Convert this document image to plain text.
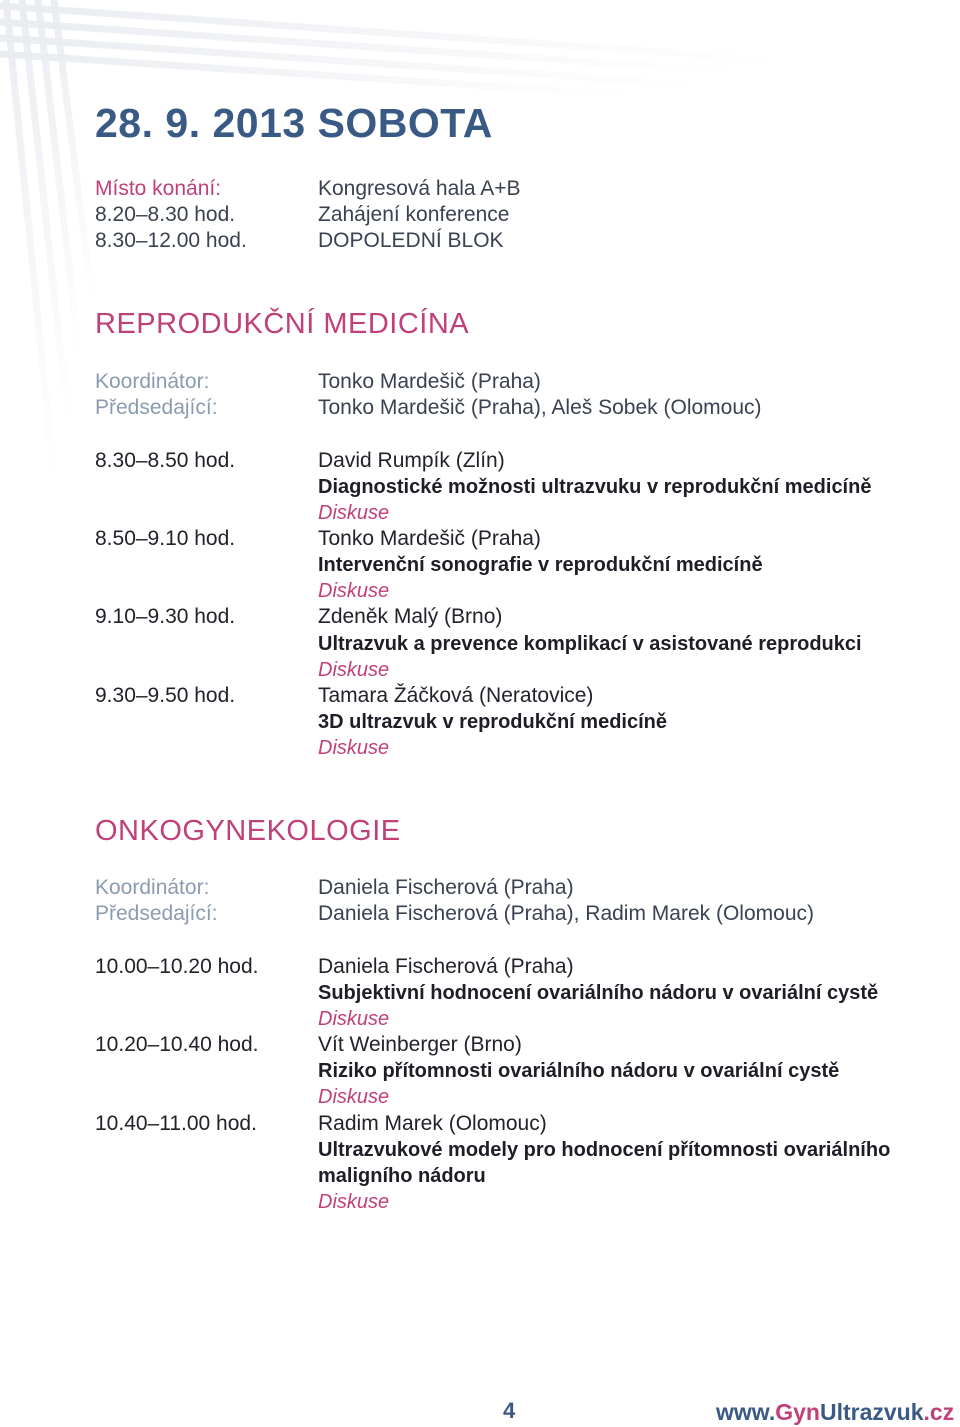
28. 9. 2013 SOBOTA
Místo konání:	Kongresová hala A+B
8.20–8.30 hod.	Zahájení konference
8.30–12.00 hod.	DOPOLEDNÍ BLOK
REPRODUKČNÍ MEDICÍNA
Koordinátor:	Tonko Mardešič (Praha)
Předsedající:	Tonko Mardešič (Praha), Aleš Sobek (Olomouc)
8.30–8.50 hod.	David Rumpík (Zlín)
Diagnostické možnosti ultrazvuku v reprodukční medicíně
Diskuse
8.50–9.10 hod.	Tonko Mardešič (Praha)
Intervenční sonografie v reprodukční medicíně
Diskuse
9.10–9.30 hod.	Zdeněk Malý (Brno)
Ultrazvuk a prevence komplikací v asistované reprodukci
Diskuse
9.30–9.50 hod.	Tamara Žáčková (Neratovice)
3D ultrazvuk v reprodukční medicíně
Diskuse
ONKOGYNEKOLOGIE
Koordinátor:	Daniela Fischerová (Praha)
Předsedající:	Daniela Fischerová (Praha), Radim Marek (Olomouc)
10.00–10.20 hod.	Daniela Fischerová (Praha)
Subjektivní hodnocení ovariálního nádoru v ovariální cystě
Diskuse
10.20–10.40 hod.	Vít Weinberger (Brno)
Riziko přítomnosti ovariálního nádoru v ovariální cystě
Diskuse
10.40–11.00 hod.	Radim Marek (Olomouc)
Ultrazvukové modely pro hodnocení přítomnosti ovariálního
maligního nádoru
Diskuse
4	www.GynUltrazvuk.cz
